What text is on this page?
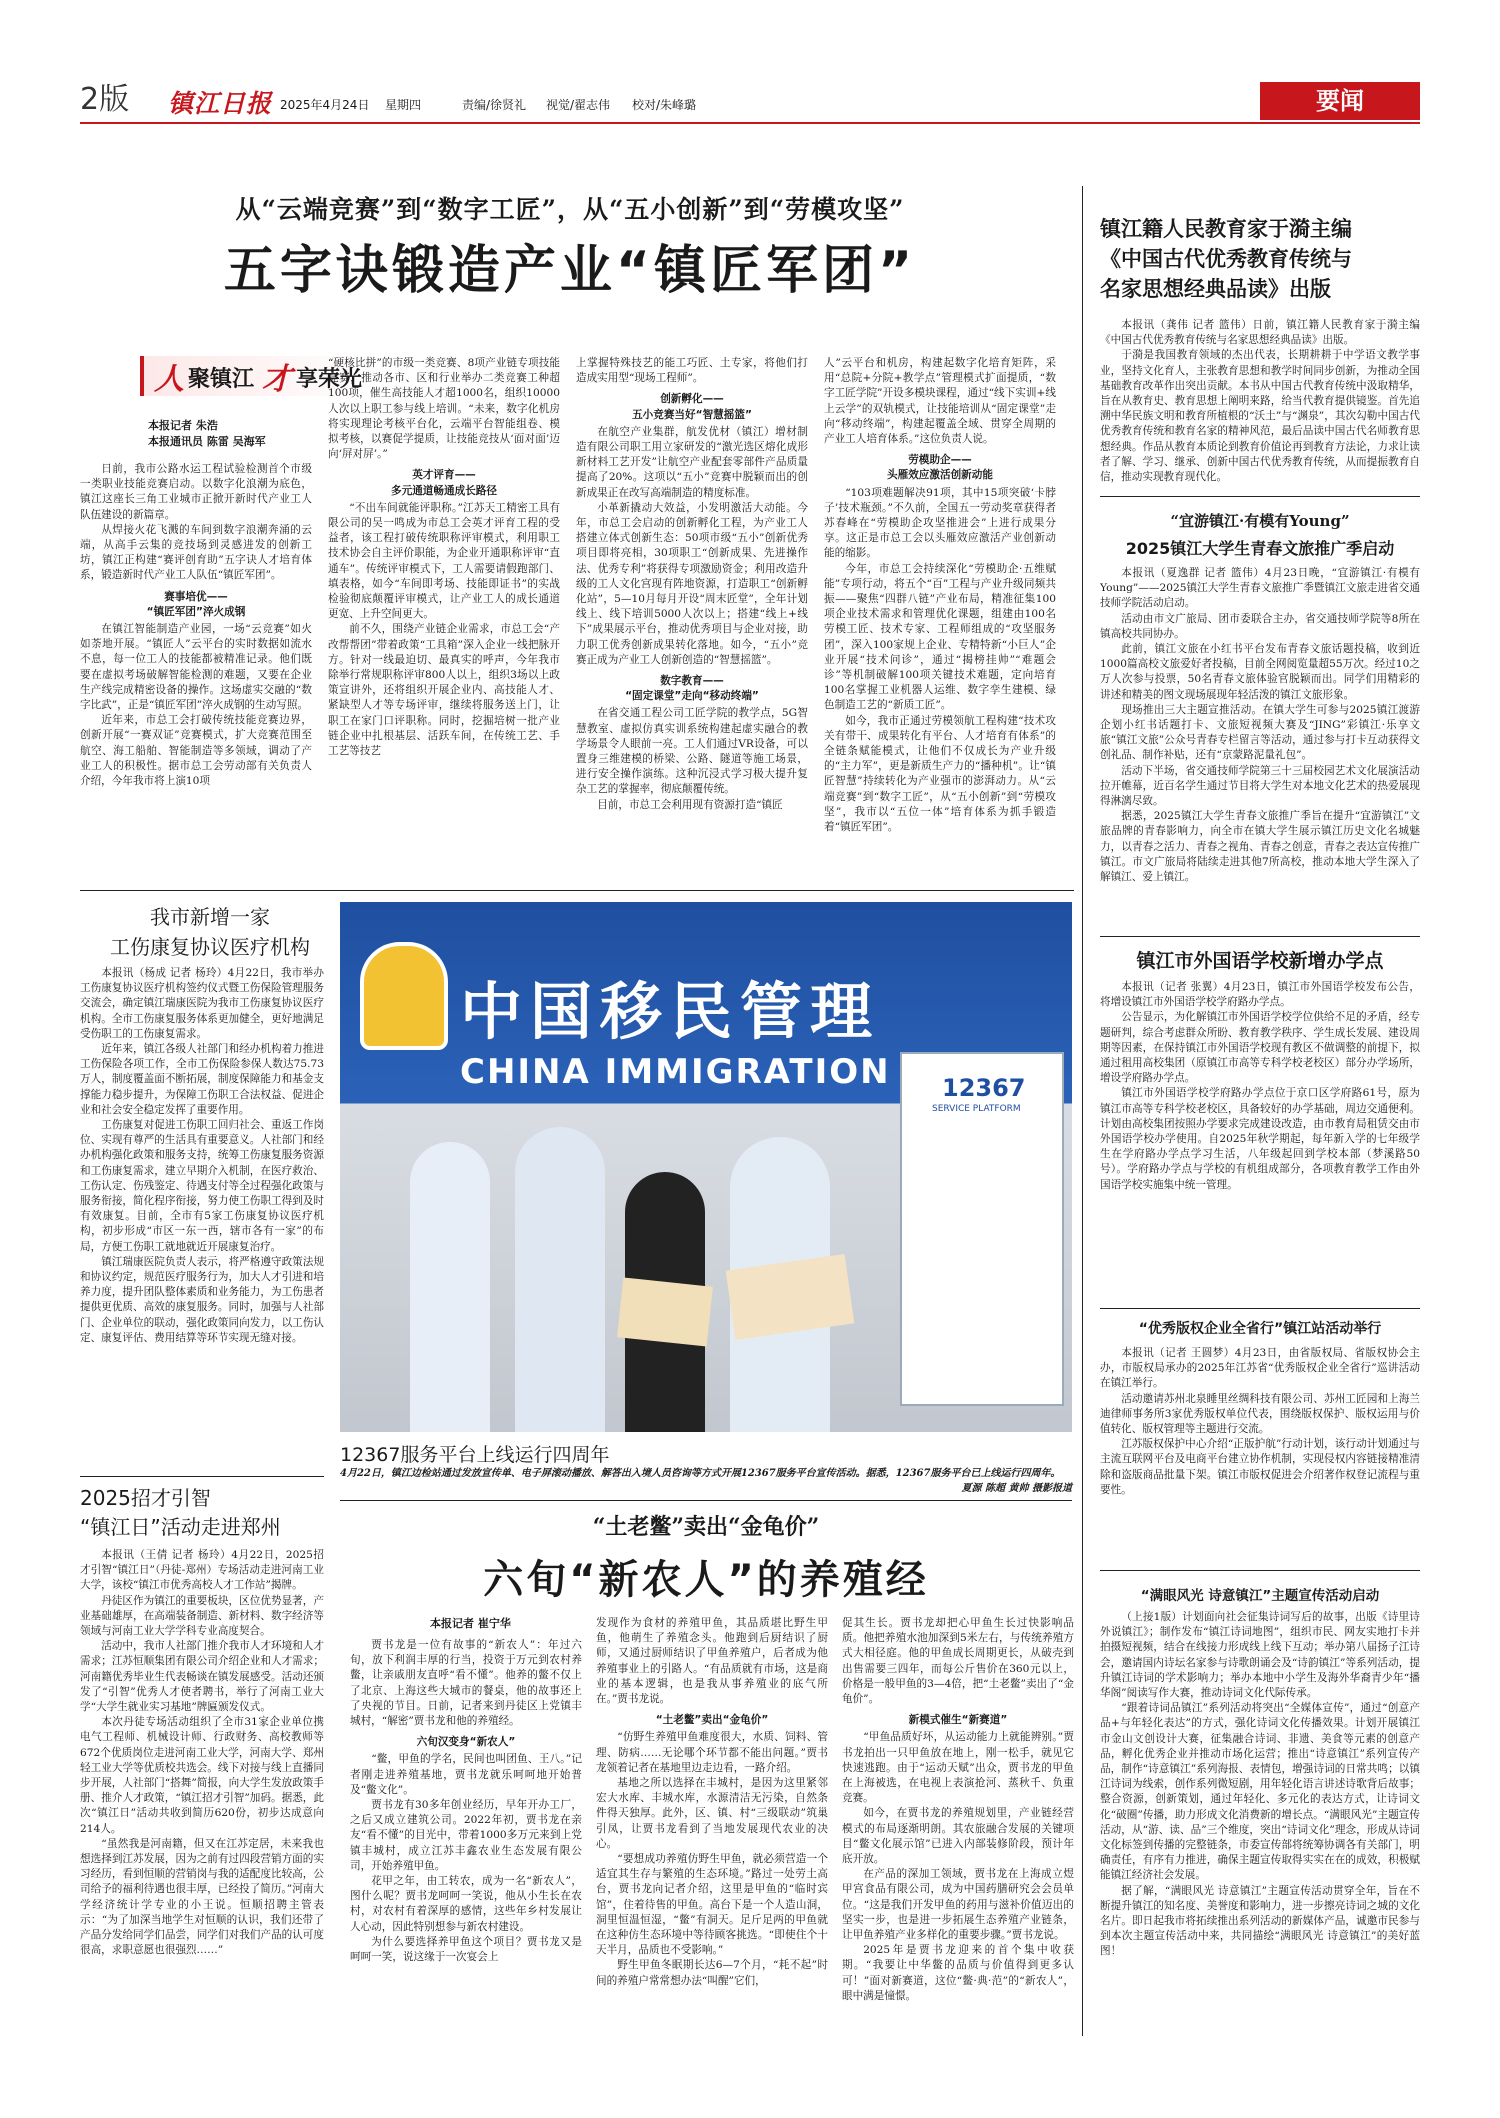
2版 镇江日报 2025年4月24日 星期四	责编/徐贤礼 视觉/翟志伟 校对/朱峰璐	要闻
从“云端竞赛”到“数字工匠”，从“五小创新”到“劳模攻坚”
五字诀锻造产业“镇匠军团”
人 聚镇江 才 享荣光
本报记者 朱浩
本报通讯员 陈雷 吴海军

日前，我市公路水运工程试验检测首个市级一类职业技能竞赛启动。以数字化浪潮为底色，镇江这座长三角工业城市正掀开新时代产业工人队伍建设的新篇章。

从焊接火花飞溅的车间到数字浪潮奔涌的云端，从高手云集的竞技场到灵感进发的创新工坊，镇江正构建“赛评创育助”五字诀人才培育体系，锻造新时代产业工人队伍“镇匠军团”。

赛事培优——
“镇匠军团”淬火成钢

在镇江智能制造产业园，一场“云竞赛”如火如荼地开展。“镇匠人”云平台的实时数据如流水不息，每一位工人的技能都被精准记录。他们既要在虚拟考场破解智能检测的难题，又要在企业生产线完成精密设备的操作。这场虚实交融的“数字比武”，正是“镇匠军团”淬火成钢的生动写照。

近年来，市总工会打破传统技能竞赛边界，创新开展“一赛双证”竞赛模式，扩大竞赛范围至航空、海工船舶、智能制造等多领域，调动了产业工人的积极性。据市总工会劳动部有关负责人介绍，今年我市将上演10项

“硬核比拼”的市级一类竞赛、8项产业链专项技能竞赛，推动各市、区和行业举办二类竞赛工种超100项，催生高技能人才超1000名，组织10000人次以上职工参与线上培训。“未来，数字化机房将实现理论考核平台化，云端平台智能组卷、模拟考核，以赛促学提质，让技能竞技从‘面对面’迈向‘屏对屏’。”

英才评育——
多元通道畅通成长路径

“不出车间就能评职称。”江苏天工精密工具有限公司的吴一鸣成为市总工会英才评育工程的受益者，该工程打破传统职称评审模式，利用职工技术协会自主评价职能，为企业开通职称评审“直通车”。传统评审模式下，工人需要请假跑部门、填表格，如今“车间即考场、技能即证书”的实战检验彻底颠覆评审模式，让产业工人的成长通道更宽、上升空间更大。

前不久，围绕产业链企业需求，市总工会“产改帮帮团”带着政策“工具箱”深入企业一线把脉开方。针对一线最迫切、最真实的呼声，今年我市除举行常规职称评审800人以上，组织3场以上政策宣讲外，还将组织开展企业内、高技能人才、紧缺型人才等专场评审，继续将服务送上门，让职工在家门口评职称。同时，挖掘培树一批产业链企业中扎根基层、活跃车间，在传统工艺、手工艺等技艺

上掌握特殊技艺的能工巧匠、土专家，将他们打造成实用型“现场工程师”。

创新孵化——
五小竞赛当好“智慧摇篮”

在航空产业集群，航发优材（镇江）增材制造有限公司职工用立家研发的“激光选区熔化成形新材料工艺开发”让航空产业配套零部件产品质量提高了20%。这项以“五小”竞赛中脱颖而出的创新成果正在改写高端制造的精度标准。

小革新撬动大效益，小发明激活大动能。今年，市总工会启动的创新孵化工程，为产业工人搭建立体式创新生态：50项市级“五小”创新优秀项目即将亮相，30项职工“创新成果、先进操作法、优秀专利”将获得专项激励资金；利用改造升级的工人文化宫现有阵地资源，打造职工“创新孵化站”，5—10月每月开设“周末匠堂”，全年计划线上、线下培训5000人次以上；搭建“线上+线下”成果展示平台，推动优秀项目与企业对接，助力职工优秀创新成果转化落地。如今，“五小”竞赛正成为产业工人创新创造的“智慧摇篮”。

数字教育——
“固定课堂”走向“移动终端”

在省交通工程公司工匠学院的教学点，5G智慧教室、虚拟仿真实训系统构建起虚实融合的教学场景令人眼前一亮。工人们通过VR设备，可以置身三维建模的桥梁、公路、隧道等施工场景，进行安全操作演练。这种沉浸式学习极大提升复杂工艺的掌握率，彻底颠覆传统。

目前，市总工会利用现有资源打造“镇匠

人”云平台和机房，构建起数字化培育矩阵，采用“总院+分院+教学点”管理模式扩面提质，“数字工匠学院”开设多模块课程，通过“线下实训+线上云学”的双轨模式，让技能培训从“固定课堂”走向“移动终端”，构建起覆盖全域、贯穿全周期的产业工人培育体系。”这位负责人说。

劳模助企——
头雁效应激活创新动能

“103项难题解决91项，其中15项突破‘卡脖子’技术瓶颈。”不久前，全国五一劳动奖章获得者苏春峰在“劳模助企攻坚推进会”上进行成果分享。这正是市总工会以头雁效应激活产业创新动能的缩影。

今年，市总工会持续深化“劳模助企·五维赋能”专项行动，将五个“百”工程与产业升级同频共振——聚焦“四群八链”产业布局，精准征集100项企业技术需求和管理优化课题，组建由100名劳模工匠、技术专家、工程师组成的“攻坚服务团”，深入100家规上企业、专精特新“小巨人”企业开展“技术问诊”，通过“揭榜挂帅”“难题会诊”等机制破解100项关键技术难题，定向培育100名掌握工业机器人运维、数字孪生建模、绿色制造工艺的“新质工匠”。

如今，我市正通过劳模领航工程构建“技术攻关有带干、成果转化有平台、人才培育有体系”的全链条赋能模式，让他们不仅成长为产业升级的“主力军”，更是新质生产力的“播种机”。让“镇匠智慧”持续转化为产业强市的澎湃动力。从“云端竞赛”到“数字工匠”，从“五小创新”到“劳模攻坚”，我市以“五位一体”培育体系为抓手锻造着“镇匠军团”。

我市新增一家
工伤康复协议医疗机构

本报讯（杨成 记者 杨玲）4月22日，我市举办工伤康复协议医疗机构签约仪式暨工伤保险管理服务交流会，确定镇江瑞康医院为我市工伤康复协议医疗机构。全市工伤康复服务体系更加健全，更好地满足受伤职工的工伤康复需求。

近年来，镇江各级人社部门和经办机构着力推进工伤保险各项工作，全市工伤保险参保人数达75.73万人，制度覆盖面不断拓展，制度保障能力和基金支撑能力稳步提升，为保障工伤职工合法权益、促进企业和社会安全稳定发挥了重要作用。

工伤康复对促进工伤职工回归社会、重返工作岗位、实现有尊严的生活具有重要意义。人社部门和经办机构强化政策和服务支持，统筹工伤康复服务资源和工伤康复需求，建立早期介入机制，在医疗救治、工伤认定、伤残鉴定、待遇支付等全过程强化政策与服务衔接，简化程序衔接，努力使工伤职工得到及时有效康复。目前，全市有5家工伤康复协议医疗机构，初步形成“市区一东一西，辖市各有一家”的布局，方便工伤职工就地就近开展康复治疗。

镇江瑞康医院负责人表示，将严格遵守政策法规和协议约定，规范医疗服务行为，加大人才引进和培养力度，提升团队整体素质和业务能力，为工伤患者提供更优质、高效的康复服务。同时，加强与人社部门、企业单位的联动，强化政策同向发力，以工伤认定、康复评估、费用结算等环节实现无缝对接。

2025招才引智
“镇江日”活动走进郑州

本报讯（王倩 记者 杨玲）4月22日，2025招才引智“镇江日”（丹徒-郑州）专场活动走进河南工业大学，该校“镇江市优秀高校人才工作站”揭牌。

丹徒区作为镇江的重要板块，区位优势显著，产业基础雄厚，在高端装备制造、新材料、数字经济等领域与河南工业大学学科专业高度契合。

活动中，我市人社部门推介我市人才环境和人才需求；江苏恒顺集团有限公司介绍企业和人才需求；河南籍优秀毕业生代表畅谈在镇发展感受。活动还颁发了“引智”优秀人才使者聘书，举行了河南工业大学“大学生就业实习基地”牌匾颁发仪式。

本次丹徒专场活动组织了全市31家企业单位携电气工程师、机械设计师、行政财务、高校教师等672个优质岗位走进河南工业大学，河南大学、郑州轻工业大学等优质校共选会。线下对接与线上直播同步开展，人社部门“搭舞”简报，向大学生发放政策手册、推介人才政策，“镇江招才引智”加码。据悉，此次“镇江日”活动共收到简历620份，初步达成意向214人。

“虽然我是河南籍，但又在江苏定居，未来我也想选择到江苏发展，因为之前有过四段营销方面的实习经历，看到恒顺的营销岗与我的适配度比较高，公司给予的福利待遇也很丰厚，已经投了简历。”河南大学经济统计学专业的小王说。恒顺招聘主管表示：“为了加深当地学生对恒顺的认识，我们还带了产品分发给同学们品尝，同学们对我们产品的认可度很高，求职意愿也很强烈……”

中国移民管理
CHINA IMMIGRATION 12367
SERVICE PLATFORM
12367服务平台上线运行四周年
4月22日，镇江边检站通过发放宣传单、电子屏滚动播放、解答出入境人员咨询等方式开展12367服务平台宣传活动。据悉，12367服务平台已上线运行四周年。
夏源 陈超 黄帅 摄影报道
“土老鳖”卖出“金龟价”
六旬“新农人”的养殖经
本报记者 崔宁华

贾书龙是一位有故事的“新农人”：年过六旬，放下利润丰厚的行当，投资于万元到农村养鳖，让亲戚朋友直呼“看不懂”。他养的鳖不仅上了北京、上海这些大城市的餐桌，他的故事还上了央视的节目。日前，记者来到丹徒区上党镇丰城村，“解密”贾书龙和他的养殖经。

六旬汉变身“新农人”

“鳖，甲鱼的学名，民间也叫团鱼、王八。”记者刚走进养殖基地，贾书龙就乐呵呵地开始普及“鳖文化”。

贾书龙有30多年创业经历，早年开办工厂，之后又成立建筑公司。2022年初，贾书龙在亲友“看不懂”的目光中，带着1000多万元来到上党镇丰城村，成立江苏丰鑫农业生态发展有限公司，开始养殖甲鱼。

花甲之年，由工转农，成为一名“新农人”，图什么呢？贾书龙呵呵一笑说，他从小生长在农村，对农村有着深厚的感情，这些年乡村发展让人心动，因此特别想参与新农村建设。

为什么要选择养甲鱼这个项目？贾书龙又是呵呵一笑，说这缘于一次宴会上

发现作为食材的养殖甲鱼，其品质堪比野生甲鱼，他萌生了养殖念头。他跑到后厨结识了厨师，又通过厨师结识了甲鱼养殖户，后者成为他养殖事业上的引路人。“有品质就有市场，这是商业的基本逻辑，也是我从事养殖业的底气所在。”贾书龙说。

“土老鳖”卖出“金龟价”

“仿野生养殖甲鱼难度很大，水质、饲料、管理、防病……无论哪个环节都不能出问题。”贾书龙领着记者在基地里边走边看，一路介绍。

基地之所以选择在丰城村，是因为这里紧邻宏大水库、丰城水库，水源清洁无污染，自然条件得天独厚。此外，区、镇、村“三级联动”筑巢引凤，让贾书龙看到了当地发展现代农业的决心。

“要想成功养殖仿野生甲鱼，就必须营造一个适宜其生存与繁殖的生态环境。”路过一处劳土高台，贾书龙向记者介绍，这里是甲鱼的“临时宾馆”，住着待售的甲鱼。高台下是一个人造山洞，洞里恒温恒湿，“鳖”有洞天。足斤足两的甲鱼就在这种仿生态环境中等待顾客挑选。“即使住个十天半月，品质也不受影响。”

野生甲鱼冬眠期长达6—7个月，“耗不起”时间的养殖户常常想办法“叫醒”它们，

促其生长。贾书龙却把心甲鱼生长过快影响品质。他把养殖水池加深到5米左右，与传统养殖方式大相径庭。他的甲鱼成长周期更长，从破壳到出售需要三四年，而每公斤售价在360元以上，价格是一般甲鱼的3—4倍，把“土老鳖”卖出了“金龟价”。

新模式催生“新赛道”

“甲鱼品质好坏，从运动能力上就能辨别。”贾书龙拍出一只甲鱼放在地上，刚一松手，就见它快速逃跑。由于“运动天赋”出众，贾书龙的甲鱼在上海被选，在电视上表演抢河、蒸秋千、负重竞赛。

如今，在贾书龙的养殖规划里，产业链经营模式的布局逐渐明朗。其农旅融合发展的关键项目“鳖文化展示馆”已进入内部装修阶段，预计年底开放。

在产品的深加工领域，贾书龙在上海成立煜甲宫食品有限公司，成为中国药膳研究会会员单位。“这是我们开发甲鱼的药用与滋补价值迈出的坚实一步，也是进一步拓展生态养殖产业链条，让甲鱼养殖产业多样化的重要步骤。”贾书龙说。

2025年是贾书龙迎来的首个集中收获期。“我要让中华鳖的品质与价值得到更多认可！”面对新赛道，这位“鳖·典·范”的“新农人”，眼中满是憧憬。

镇江籍人民教育家于漪主编
《中国古代优秀教育传统与
名家思想经典品读》出版

本报讯（龚伟 记者 篮伟）日前，镇江籍人民教育家于漪主编《中国古代优秀教育传统与名家思想经典品读》出版。

于漪是我国教育领域的杰出代表，长期耕耕于中学语文教学事业，坚持文化育人，主张教育思想和教学时间同步创新，为推动全国基础教育改革作出突出贡献。本书从中国古代教育传统中汲取精华，旨在从教育史、教育思想上阐明来路，给当代教育提供镜鉴。首先追溯中华民族文明和教育所植根的“沃土”与“渊泉”，其次勾勒中国古代优秀教育传统和教育名家的精神风范，最后品读中国古代名师教育思想经典。作品从教育本质论到教育价值论再到教育方法论，力求让读者了解、学习、继承、创新中国古代优秀教育传统，从而提振教育自信，推动实现教育现代化。

“宜游镇江·有模有Young”
2025镇江大学生青春文旅推广季启动

本报讯（夏逸群 记者 篮伟）4月23日晚，“宜游镇江·有模有Young”——2025镇江大学生青春文旅推广季暨镇江文旅走进省交通技师学院活动启动。

活动由市文广旅局、团市委联合主办，省交通技师学院等8所在镇高校共同协办。

此前，镇江文旅在小红书平台发布青春文旅话题投稿，收到近1000篇高校文旅爱好者投稿，目前全网阅览量超55万次。经过10之万人次参与投票，50名青春文旅体验官脱颖而出。同学们用精彩的讲述和精美的图文现场展现年轻活泼的镇江文旅形象。

现场推出三大主题宣推活动。在镇大学生可参与2025镇江渡游企划小红书话题打卡、文旅短视频大赛及“JING”彩镇江·乐享文旅“镇江文旅”公众号青春专栏留言等活动，通过参与打卡互动获得文创礼品、制作补贴，还有“京蒙路泥量礼包”。

活动下半场，省交通技师学院第三十三届校园艺术文化展演活动拉开帷幕，近百名学生通过节目将大学生对本地文化艺术的热爱展现得淋漓尽致。

据悉，2025镇江大学生青春文旅推广季旨在提升“宜游镇江”文旅品牌的青春影响力，向全市在镇大学生展示镇江历史文化名城魅力，以青春之活力、青春之视角、青春之创意，青春之表达宣传推广镇江。市文广旅局将陆续走进其他7所高校，推动本地大学生深入了解镇江、爱上镇江。

镇江市外国语学校新增办学点

本报讯（记者 张翼）4月23日，镇江市外国语学校发布公告，将增设镇江市外国语学校学府路办学点。

公告显示，为化解镇江市外国语学校学位供给不足的矛盾，经专题研判，综合考虑群众所盼、教育教学秩序、学生成长发展、建设周期等因素，在保持镇江市外国语学校现有教区不做调整的前提下，拟通过租用高校集团（原镇江市高等专科学校老校区）部分办学场所，增设学府路办学点。

镇江市外国语学校学府路办学点位于京口区学府路61号，原为镇江市高等专科学校老校区，具备较好的办学基础，周边交通便利。计划由高校集团按照办学要求完成建设改造，由市教育局租赁交由市外国语学校办学使用。自2025年秋学期起，每年新入学的七年级学生在学府路办学点学习生活，八年级起回到学校本部（梦溪路50号）。学府路办学点与学校的有机组成部分，各项教育教学工作由外国语学校实施集中统一管理。

“优秀版权企业全省行”镇江站活动举行

本报讯（记者 王圆梦）4月23日，由省版权局、省版权协会主办，市版权局承办的2025年江苏省“优秀版权企业全省行”巡讲活动在镇江举行。

活动邀请苏州北泉睡里丝绸科技有限公司、苏州工匠园和上海兰迪律师事务所3家优秀版权单位代表，围绕版权保护、版权运用与价值转化、版权管理等主题进行交流。

江苏版权保护中心介绍“正版护航”行动计划，该行动计划通过与主流互联网平台及电商平台建立协作机制，实现侵权内容链接精准清除和盗版商品批量下架。镇江市版权促进会介绍著作权登记流程与重要性。

“满眼风光 诗意镇江”主题宣传活动启动

（上接1版）计划面向社会征集诗词写后的故事，出版《诗里诗外说镇江》；制作发布“镇江诗词地图”，组织市民、网友实地打卡并拍摄短视频，结合在线接力形成线上线下互动；举办第八届扬子江诗会，邀请国内诗坛名家参与诗歌朗诵会及“诗韵镇江”等系列活动，提升镇江诗词的学术影响力；举办本地中小学生及海外华裔青少年“播华阁”阅读写作大赛，推动诗词文化代际传承。

“跟着诗词品镇江”系列活动将突出“全媒体宣传”，通过“创意产品+与年轻化表达”的方式，强化诗词文化传播效果。计划开展镇江市金山文创设计大赛，征集融合诗词、非遗、美食等元素的创意产品，孵化优秀企业并推动市场化运营；推出“诗意镇江”系列宣传产品，制作“诗意镇江”系列海报、表情包，增强诗词的日常共鸣；以镇江诗词为线索，创作系列微短剧，用年轻化语言讲述诗歌背后故事；整合资源，创新策划，通过年轻化、多元化的表达方式，让诗词文化“破圈”传播，助力形成文化消费新的增长点。“满眼风光”主题宣传活动，从“游、读、品”三个维度，突出“诗词文化”理念，形成从诗词文化标签到传播的完整链条，市委宣传部将统筹协调各有关部门，明确责任，有序有力推进，确保主题宣传取得实实在在的成效，积极赋能镇江经济社会发展。

据了解，“满眼风光 诗意镇江”主题宣传活动贯穿全年，旨在不断提升镇江的知名度、美誉度和影响力，进一步擦亮诗词之城的文化名片。即日起我市将拓续推出系列活动的新媒体产品，诚邀市民参与到本次主题宣传活动中来，共同描绘“满眼风光 诗意镇江”的美好蓝图！
